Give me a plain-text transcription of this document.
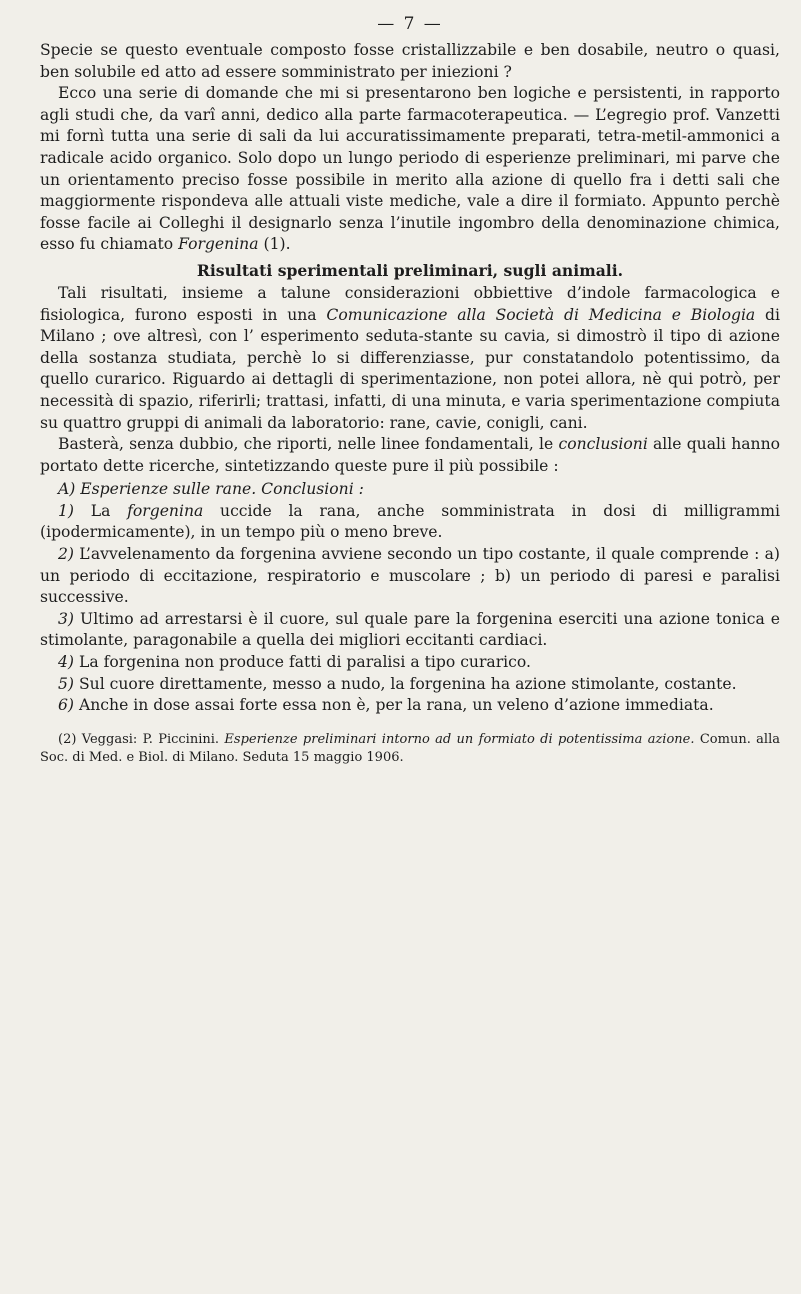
— 7 —

Specie se questo eventuale composto fosse cristallizzabile e ben dosabile, neutro o quasi, ben solubile ed atto ad essere somministrato per iniezioni ?

Ecco una serie di domande che mi si presentarono ben logiche e persistenti, in rapporto agli studi che, da varî anni, dedico alla parte farmacoterapeutica. — L’egregio prof. Vanzetti mi fornì tutta una serie di sali da lui accuratissimamente preparati, tetra-metil-ammonici a radicale acido organico. Solo dopo un lungo periodo di esperienze preliminari, mi parve che un orientamento preciso fosse possibile in merito alla azione di quello fra i detti sali che maggiormente rispondeva alle attuali viste mediche, vale a dire il formiato. Appunto perchè fosse facile ai Colleghi il designarlo senza l’inutile ingombro della denominazione chimica, esso fu chiamato Forgenina (1).

Risultati sperimentali preliminari, sugli animali.

Tali risultati, insieme a talune considerazioni obbiettive d’indole farmacologica e fisiologica, furono esposti in una Comunicazione alla Società di Medicina e Biologia di Milano ; ove altresì, con l’ esperimento seduta-stante su cavia, si dimostrò il tipo di azione della sostanza studiata, perchè lo si differenziasse, pur constatandolo potentissimo, da quello curarico. Riguardo ai dettagli di sperimentazione, non potei allora, nè qui potrò, per necessità di spazio, riferirli; trattasi, infatti, di una minuta, e varia sperimentazione compiuta su quattro gruppi di animali da laboratorio: rane, cavie, conigli, cani.

Basterà, senza dubbio, che riporti, nelle linee fondamentali, le conclusioni alle quali hanno portato dette ricerche, sintetizzando queste pure il più possibile :

A) Esperienze sulle rane. Conclusioni :

1) La forgenina uccide la rana, anche somministrata in dosi di milligrammi (ipodermicamente), in un tempo più o meno breve.

2) L’avvelenamento da forgenina avviene secondo un tipo costante, il quale comprende : a) un periodo di eccitazione, respiratorio e muscolare ; b) un periodo di paresi e paralisi successive.

3) Ultimo ad arrestarsi è il cuore, sul quale pare la forgenina eserciti una azione tonica e stimolante, paragonabile a quella dei migliori eccitanti cardiaci.

4) La forgenina non produce fatti di paralisi a tipo curarico.

5) Sul cuore direttamente, messo a nudo, la forgenina ha azione stimolante, costante.

6) Anche in dose assai forte essa non è, per la rana, un veleno d’azione immediata.

(2) Veggasi: P. Piccinini. Esperienze preliminari intorno ad un formiato di potentissima azione. Comun. alla Soc. di Med. e Biol. di Milano. Seduta 15 maggio 1906.
